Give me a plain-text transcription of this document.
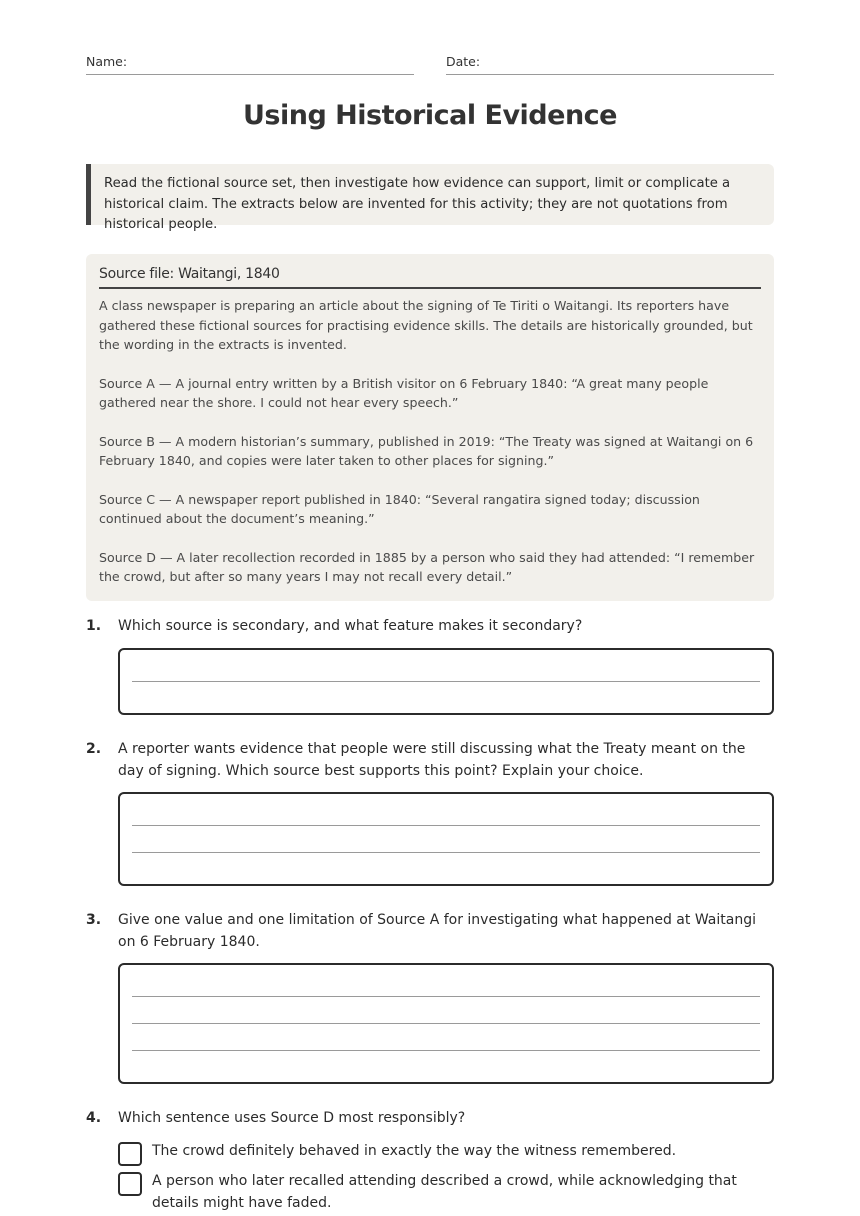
Name:	Date:
Using Historical Evidence
Read the fictional source set, then investigate how evidence can support, limit or complicate a historical claim. The extracts below are invented for this activity; they are not quotations from historical people.
Source file: Waitangi, 1840

A class newspaper is preparing an article about the signing of Te Tiriti o Waitangi. Its reporters have gathered these fictional sources for practising evidence skills. The details are historically grounded, but the wording in the extracts is invented.

Source A — A journal entry written by a British visitor on 6 February 1840: “A great many people gathered near the shore. I could not hear every speech.”

Source B — A modern historian’s summary, published in 2019: “The Treaty was signed at Waitangi on 6 February 1840, and copies were later taken to other places for signing.”

Source C — A newspaper report published in 1840: “Several rangatira signed today; discussion continued about the document’s meaning.”

Source D — A later recollection recorded in 1885 by a person who said they had attended: “I remember the crowd, but after so many years I may not recall every detail.”

1. Which source is secondary, and what feature makes it secondary?
2. A reporter wants evidence that people were still discussing what the Treaty meant on the day of signing. Which source best supports this point? Explain your choice.
3. Give one value and one limitation of Source A for investigating what happened at Waitangi on 6 February 1840.
4. Which sentence uses Source D most responsibly?
The crowd definitely behaved in exactly the way the witness remembered.
A person who later recalled attending described a crowd, while acknowledging that details might have faded.
